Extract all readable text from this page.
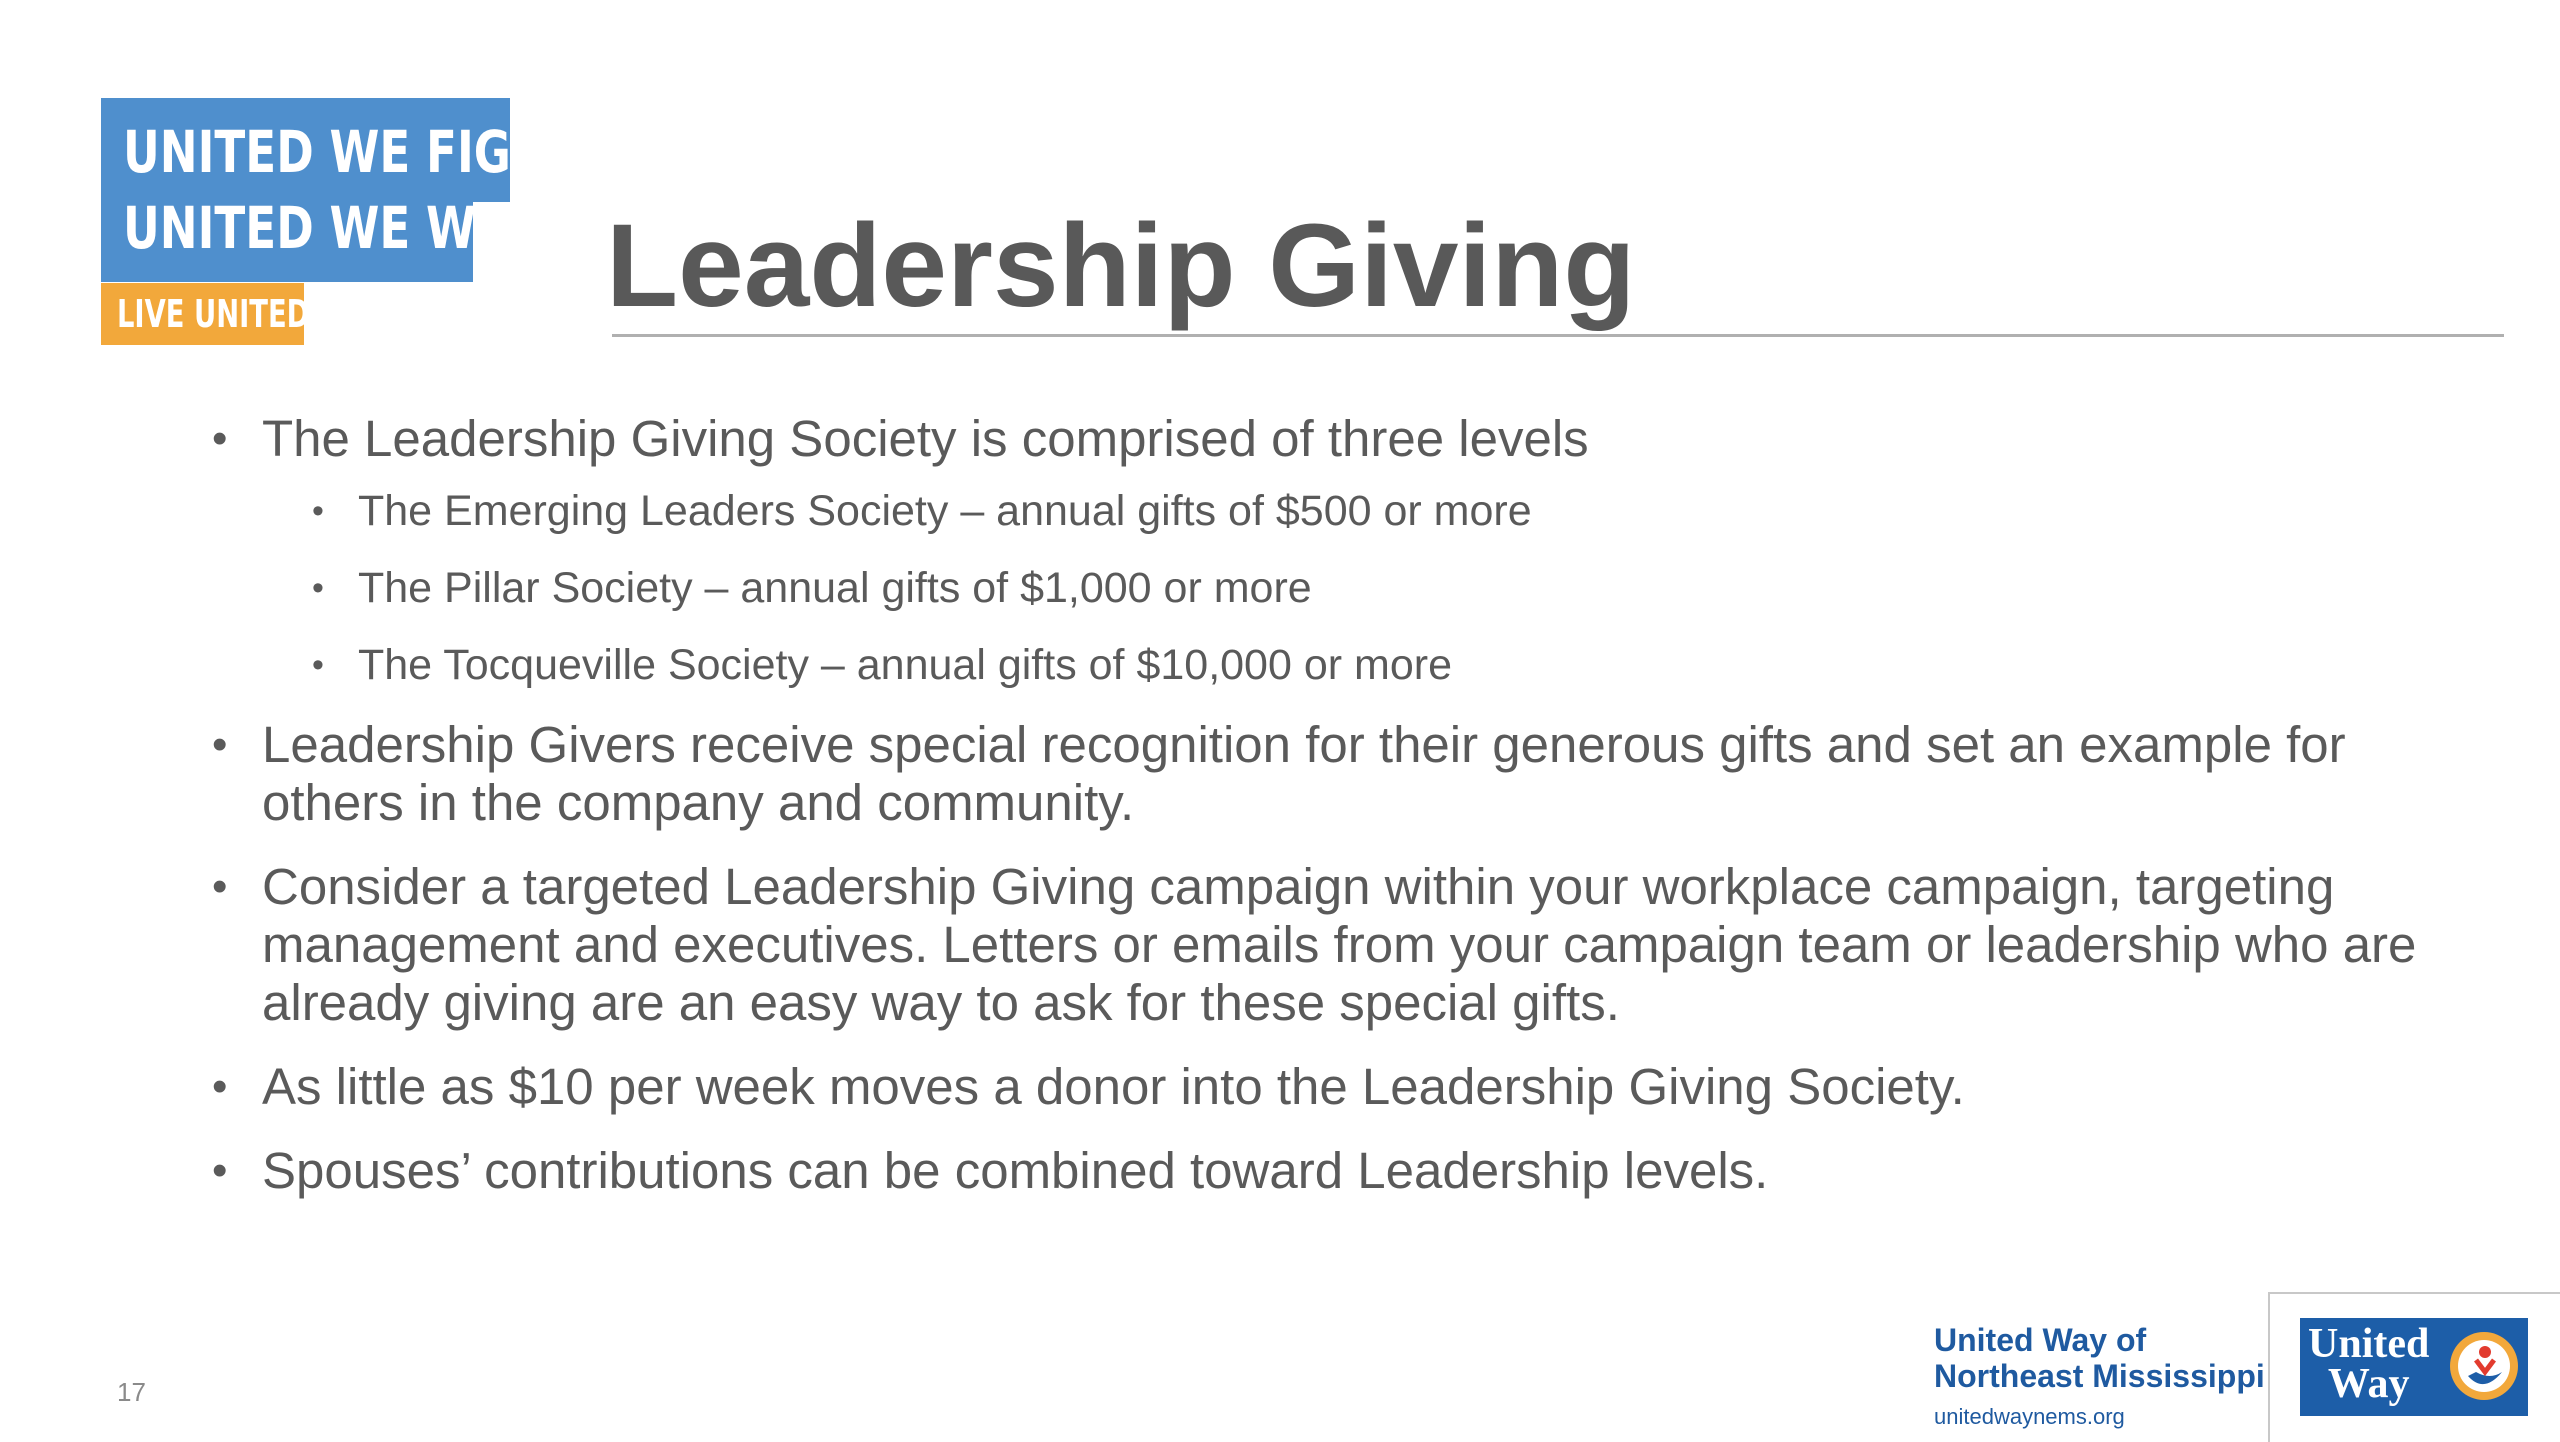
UNITED WE FIGHT.
UNITED WE WIN.
LIVE UNITED	Leadership Giving
• The Leadership Giving Society is comprised of three levels
• The Emerging Leaders Society – annual gifts of $500 or more
• The Pillar Society – annual gifts of $1,000 or more
• The Tocqueville Society – annual gifts of $10,000 or more
• Leadership Givers receive special recognition for their generous gifts and set an example for others in the company and community.
• Consider a targeted Leadership Giving campaign within your workplace campaign, targeting management and executives. Letters or emails from your campaign team or leadership who are already giving are an easy way to ask for these special gifts.
• As little as $10 per week moves a donor into the Leadership Giving Society.
• Spouses’ contributions can be combined toward Leadership levels.
17
United Way of
Northeast Mississippi
unitedwaynems.org
United
Way
